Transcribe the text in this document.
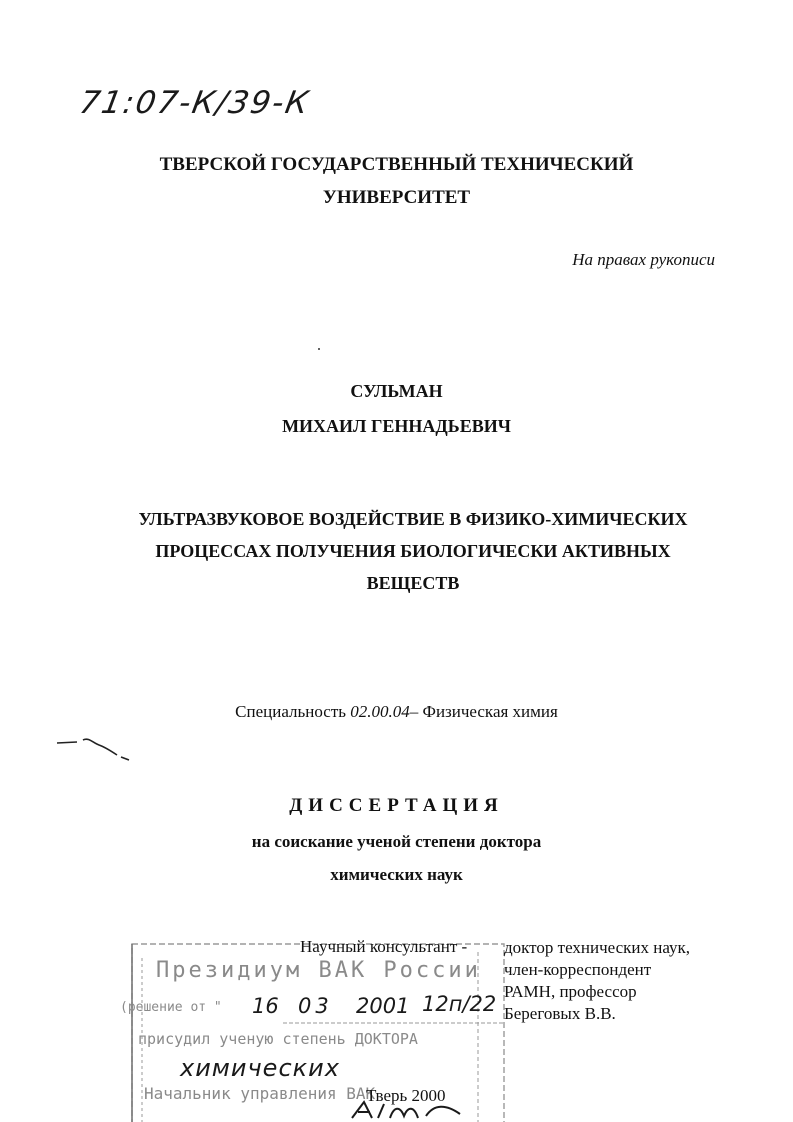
71:07-К/39-К
ТВЕРСКОЙ ГОСУДАРСТВЕННЫЙ ТЕХНИЧЕСКИЙ
УНИВЕРСИТЕТ
На правах рукописи
СУЛЬМАН
МИХАИЛ ГЕННАДЬЕВИЧ
УЛЬТРАЗВУКОВОЕ ВОЗДЕЙСТВИЕ В ФИЗИКО-ХИМИЧЕСКИХ
ПРОЦЕССАХ ПОЛУЧЕНИЯ БИОЛОГИЧЕСКИ АКТИВНЫХ
ВЕЩЕСТВ
Специальность 02.00.04– Физическая химия
ДИССЕРТАЦИЯ
на соискание ученой степени доктора
химических наук
Президиум ВАК России
(решение от " 16 03 2001 12п/22
присудил ученую степень ДОКТОРА
химических
Начальник управления ВАК
Научный консультант - доктор технических наук,
член-корреспондент
РАМН, профессор
Береговых В.В.
Тверь 2000
